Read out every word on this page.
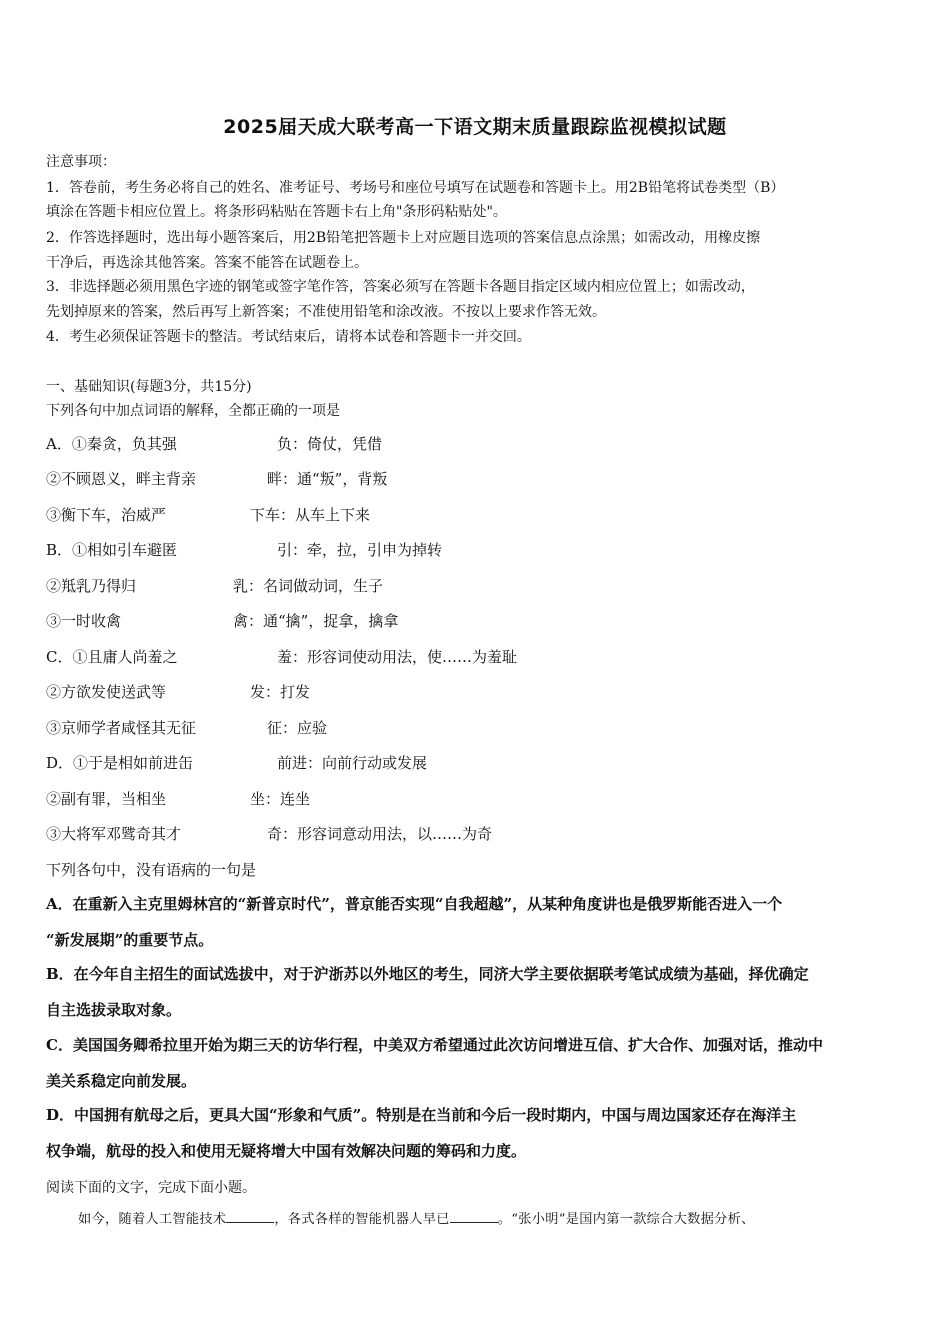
2025届天成大联考高一下语文期末质量跟踪监视模拟试题
注意事项：
1．答卷前，考生务必将自己的姓名、准考证号、考场号和座位号填写在试题卷和答题卡上。用2B铅笔将试卷类型（B）
填涂在答题卡相应位置上。将条形码粘贴在答题卡右上角"条形码粘贴处"。
2．作答选择题时，选出每小题答案后，用2B铅笔把答题卡上对应题目选项的答案信息点涂黑；如需改动，用橡皮擦
干净后，再选涂其他答案。答案不能答在试题卷上。
3．非选择题必须用黑色字迹的钢笔或签字笔作答，答案必须写在答题卡各题目指定区域内相应位置上；如需改动，
先划掉原来的答案，然后再写上新答案；不准使用铅笔和涂改液。不按以上要求作答无效。
4．考生必须保证答题卡的整洁。考试结束后，请将本试卷和答题卡一并交回。
一、基础知识(每题3分，共15分)
下列各句中加点词语的解释，全都正确的一项是
A．①秦贪，负其强	负：倚仗，凭借
②不顾恩义，畔主背亲	畔：通“叛”，背叛
③衡下车，治威严	下车：从车上下来
B．①相如引车避匿	引：牵，拉，引申为掉转
②羝乳乃得归	乳：名词做动词，生子
③一时收禽	禽：通“擒”，捉拿，擒拿
C．①且庸人尚羞之	羞：形容词使动用法，使……为羞耻
②方欲发使送武等	发：打发
③京师学者咸怪其无征	征：应验
D．①于是相如前进缶	前进：向前行动或发展
②副有罪，当相坐	坐：连坐
③大将军邓骘奇其才	奇：形容词意动用法，以……为奇
下列各句中，没有语病的一句是
A．在重新入主克里姆林宫的“新普京时代”，普京能否实现“自我超越”，从某种角度讲也是俄罗斯能否进入一个
“新发展期”的重要节点。
B．在今年自主招生的面试选拔中，对于沪浙苏以外地区的考生，同济大学主要依据联考笔试成绩为基础，择优确定
自主选拔录取对象。
C．美国国务卿希拉里开始为期三天的访华行程，中美双方希望通过此次访问增进互信、扩大合作、加强对话，推动中
美关系稳定向前发展。
D．中国拥有航母之后，更具大国“形象和气质”。特别是在当前和今后一段时期内，中国与周边国家还存在海洋主
权争端，航母的投入和使用无疑将增大中国有效解决问题的筹码和力度。
阅读下面的文字，完成下面小题。
如今，随着人工智能技术	，各式各样的智能机器人早已	。“张小明”是国内第一款综合大数据分析、
